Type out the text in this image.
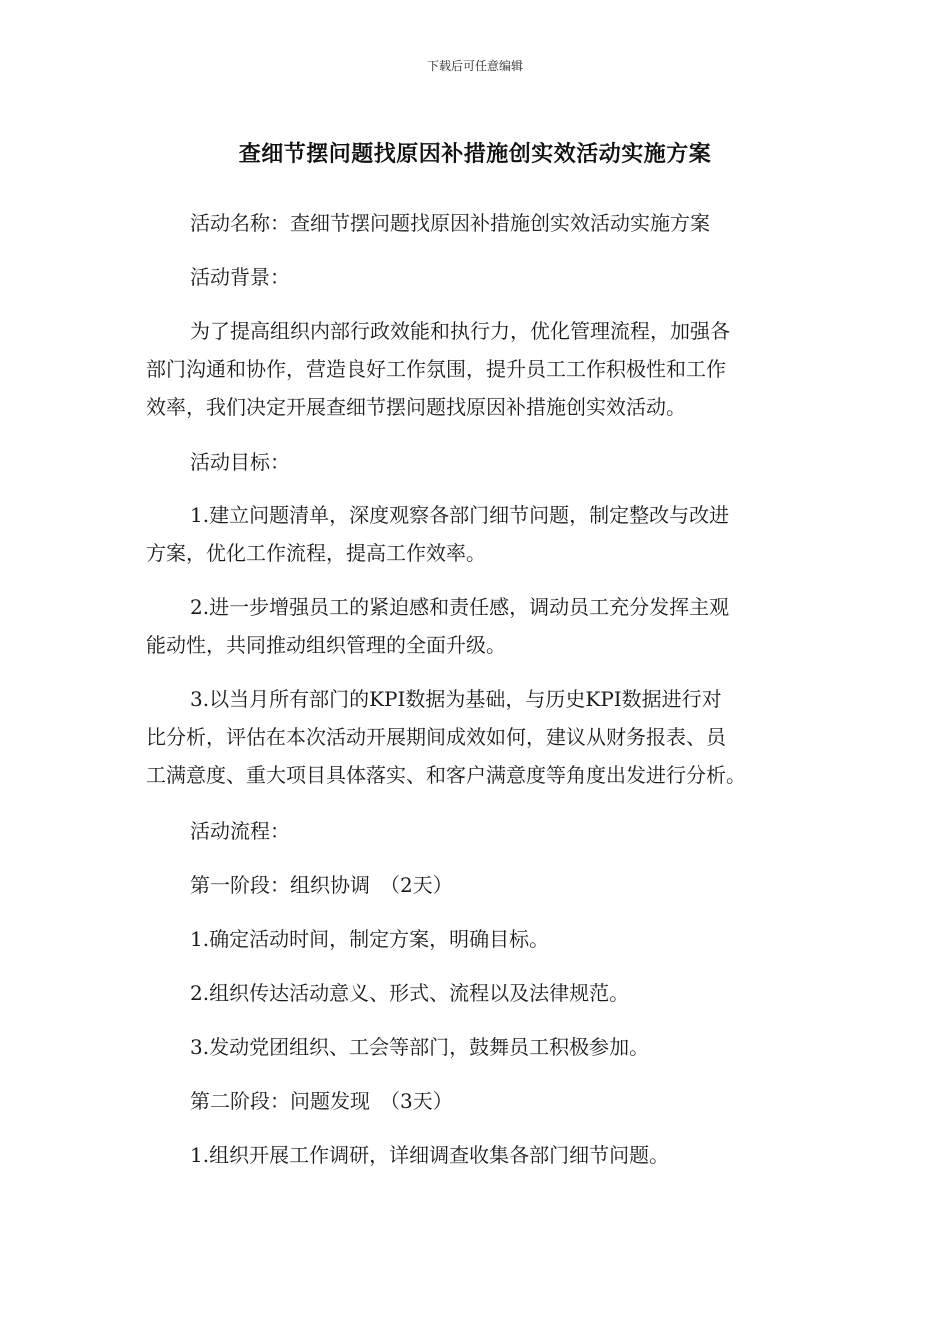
下载后可任意编辑
查细节摆问题找原因补措施创实效活动实施方案
活动名称：查细节摆问题找原因补措施创实效活动实施方案
活动背景：
为了提高组织内部行政效能和执行力，优化管理流程，加强各
部门沟通和协作，营造良好工作氛围，提升员工工作积极性和工作
效率，我们决定开展查细节摆问题找原因补措施创实效活动。
活动目标：
1.建立问题清单，深度观察各部门细节问题，制定整改与改进
方案，优化工作流程，提高工作效率。
2.进一步增强员工的紧迫感和责任感，调动员工充分发挥主观
能动性，共同推动组织管理的全面升级。
3.以当月所有部门的KPI数据为基础，与历史KPI数据进行对
比分析，评估在本次活动开展期间成效如何，建议从财务报表、员
工满意度、重大项目具体落实、和客户满意度等角度出发进行分析。
活动流程：
第一阶段：组织协调　（2天）
1.确定活动时间，制定方案，明确目标。
2.组织传达活动意义、形式、流程以及法律规范。
3.发动党团组织、工会等部门，鼓舞员工积极参加。
第二阶段：问题发现　（3天）
1.组织开展工作调研，详细调查收集各部门细节问题。
